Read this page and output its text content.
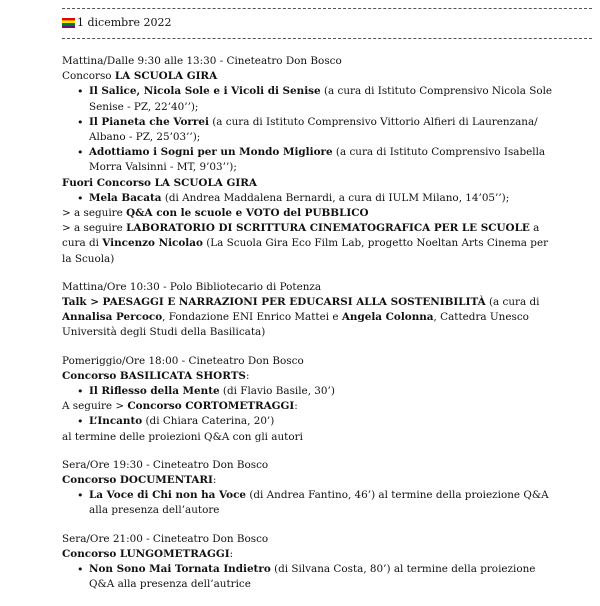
1 dicembre 2022
Mattina/Dalle 9:30 alle 13:30 - Cineteatro Don Bosco
Concorso LA SCUOLA GIRA
• Il Salice, Nicola Sole e i Vicoli di Senise (a cura di Istituto Comprensivo Nicola Sole
Senise - PZ, 22’40’’);
• Il Pianeta che Vorrei (a cura di Istituto Comprensivo Vittorio Alfieri di Laurenzana/
Albano - PZ, 25’03’’);
• Adottiamo i Sogni per un Mondo Migliore (a cura di Istituto Comprensivo Isabella
Morra Valsinni - MT, 9’03’’);
Fuori Concorso LA SCUOLA GIRA
• Mela Bacata (di Andrea Maddalena Bernardi, a cura di IULM Milano, 14’05’’);
> a seguire Q&A con le scuole e VOTO del PUBBLICO
> a seguire LABORATORIO DI SCRITTURA CINEMATOGRAFICA PER LE SCUOLE a
cura di Vincenzo Nicolao (La Scuola Gira Eco Film Lab, progetto Noeltan Arts Cinema per
la Scuola)
Mattina/Ore 10:30 - Polo Bibliotecario di Potenza
Talk > PAESAGGI E NARRAZIONI PER EDUCARSI ALLA SOSTENIBILITÀ (a cura di
Annalisa Percoco, Fondazione ENI Enrico Mattei e Angela Colonna, Cattedra Unesco
Università degli Studi della Basilicata)
Pomeriggio/Ore 18:00 - Cineteatro Don Bosco
Concorso BASILICATA SHORTS:
• Il Riflesso della Mente (di Flavio Basile, 30’)
A seguire > Concorso CORTOMETRAGGI:
• L’Incanto (di Chiara Caterina, 20’)
al termine delle proiezioni Q&A con gli autori
Sera/Ore 19:30 - Cineteatro Don Bosco
Concorso DOCUMENTARI:
• La Voce di Chi non ha Voce (di Andrea Fantino, 46’) al termine della proiezione Q&A
alla presenza dell’autore
Sera/Ore 21:00 - Cineteatro Don Bosco
Concorso LUNGOMETRAGGI:
• Non Sono Mai Tornata Indietro (di Silvana Costa, 80’) al termine della proiezione
Q&A alla presenza dell’autrice
